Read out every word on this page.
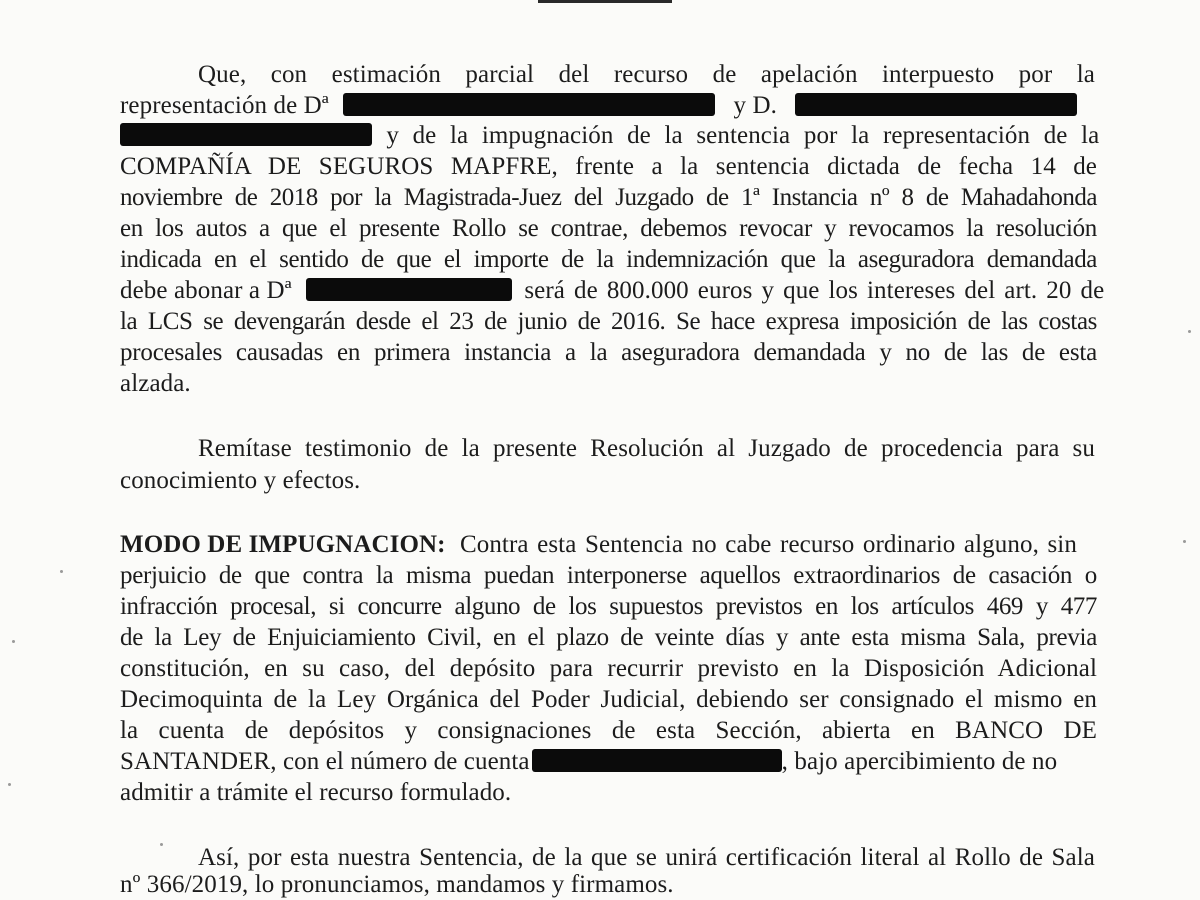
Que, con estimación parcial del recurso de apelación interpuesto por la
representación de Dª	y D.
y de la impugnación de la sentencia por la representación de la
COMPAÑÍA DE SEGUROS MAPFRE, frente a la sentencia dictada de fecha 14 de
noviembre de 2018 por la Magistrada-Juez del Juzgado de 1ª Instancia nº 8 de Mahadahonda
en los autos a que el presente Rollo se contrae, debemos revocar y revocamos la resolución
indicada en el sentido de que el importe de la indemnización que la aseguradora demandada
debe abonar a Dª	será de 800.000 euros y que los intereses del art. 20 de
la LCS se devengarán desde el 23 de junio de 2016. Se hace expresa imposición de las costas
procesales causadas en primera instancia a la aseguradora demandada y no de las de esta
alzada.
Remítase testimonio de la presente Resolución al Juzgado de procedencia para su
conocimiento y efectos.
MODO DE IMPUGNACION: Contra esta Sentencia no cabe recurso ordinario alguno, sin
perjuicio de que contra la misma puedan interponerse aquellos extraordinarios de casación o
infracción procesal, si concurre alguno de los supuestos previstos en los artículos 469 y 477
de la Ley de Enjuiciamiento Civil, en el plazo de veinte días y ante esta misma Sala, previa
constitución, en su caso, del depósito para recurrir previsto en la Disposición Adicional
Decimoquinta de la Ley Orgánica del Poder Judicial, debiendo ser consignado el mismo en
la cuenta de depósitos y consignaciones de esta Sección, abierta en BANCO DE
SANTANDER, con el número de cuenta	, bajo apercibimiento de no
admitir a trámite el recurso formulado.
Así, por esta nuestra Sentencia, de la que se unirá certificación literal al Rollo de Sala
nº 366/2019, lo pronunciamos, mandamos y firmamos.
